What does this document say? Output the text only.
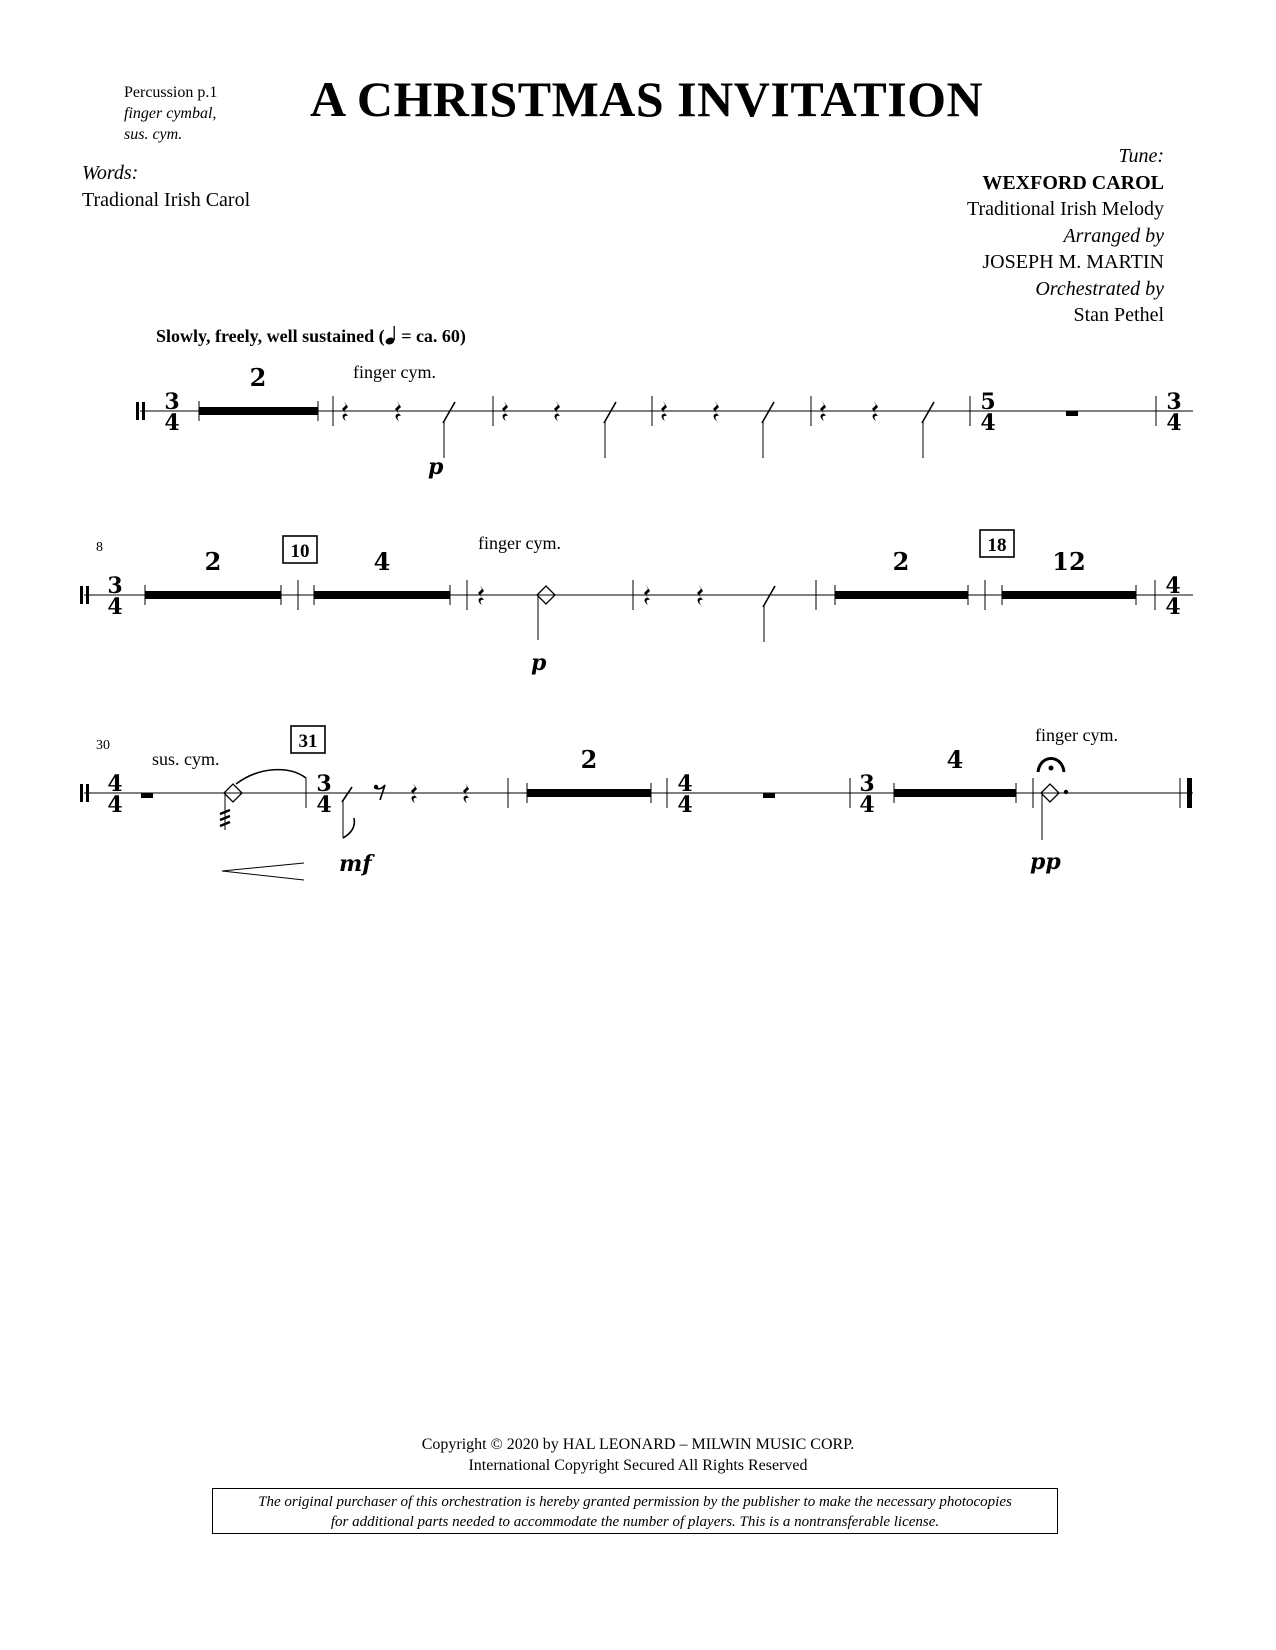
Percussion p.1
finger cymbal,
sus. cym.
A CHRISTMAS INVITATION
Words:
Tradional Irish Carol
Tune:
WEXFORD CAROL
Traditional Irish Melody
Arranged by
JOSEPH M. MARTIN
Orchestrated by
Stan Pethel
Slowly, freely, well sustained ( = ca. 60)
3
4
2	finger cym.
p
5
4
3
4
8
3
4
2	10	4
finger cym.
p
2
18
12
4
4
30
4
4
sus. cym.
31
3
4
mf
2
4
4
3
4
4
finger cym.
pp
Copyright © 2020 by HAL LEONARD – MILWIN MUSIC CORP.
International Copyright Secured All Rights Reserved
The original purchaser of this orchestration is hereby granted permission by the publisher to make the necessary photocopies
for additional parts needed to accommodate the number of players. This is a nontransferable license.
